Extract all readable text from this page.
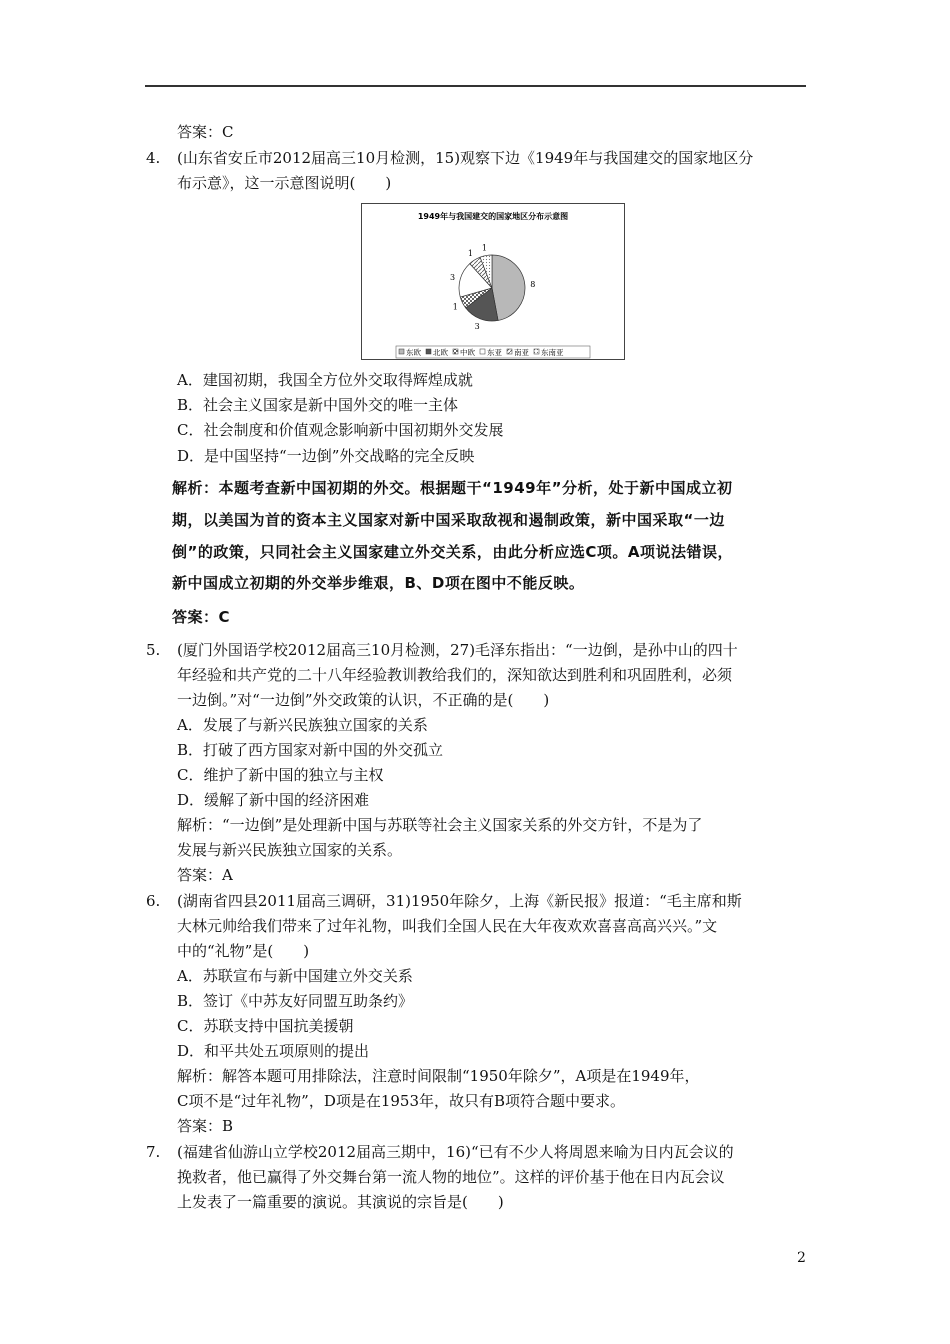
答案：C
4. (山东省安丘市2012届高三10月检测，15)观察下边《1949年与我国建交的国家地区分
布示意》，这一示意图说明(　　)
1949年与我国建交的国家地区分布示意图
8
3
1
3
1
1
东欧 北欧 中欧 东亚 南亚 东南亚
A．建国初期，我国全方位外交取得辉煌成就
B．社会主义国家是新中国外交的唯一主体
C．社会制度和价值观念影响新中国初期外交发展
D．是中国坚持“一边倒”外交战略的完全反映
解析：本题考查新中国初期的外交。根据题干“1949年”分析，处于新中国成立初
期，以美国为首的资本主义国家对新中国采取敌视和遏制政策，新中国采取“一边
倒”的政策，只同社会主义国家建立外交关系，由此分析应选C项。A项说法错误，
新中国成立初期的外交举步维艰，B、D项在图中不能反映。
答案：C
5. (厦门外国语学校2012届高三10月检测，27)毛泽东指出：“一边倒，是孙中山的四十
年经验和共产党的二十八年经验教训教给我们的，深知欲达到胜利和巩固胜利，必须
一边倒。”对“一边倒”外交政策的认识，不正确的是(　　)
A．发展了与新兴民族独立国家的关系
B．打破了西方国家对新中国的外交孤立
C．维护了新中国的独立与主权
D．缓解了新中国的经济困难
解析：“一边倒”是处理新中国与苏联等社会主义国家关系的外交方针，不是为了
发展与新兴民族独立国家的关系。
答案：A
6. (湖南省四县2011届高三调研，31)1950年除夕，上海《新民报》报道：“毛主席和斯
大林元帅给我们带来了过年礼物，叫我们全国人民在大年夜欢欢喜喜高高兴兴。”文
中的“礼物”是(　　)
A．苏联宣布与新中国建立外交关系
B．签订《中苏友好同盟互助条约》
C．苏联支持中国抗美援朝
D．和平共处五项原则的提出
解析：解答本题可用排除法，注意时间限制“1950年除夕”，A项是在1949年，
C项不是“过年礼物”，D项是在1953年，故只有B项符合题中要求。
答案：B
7. (福建省仙游山立学校2012届高三期中，16)“已有不少人将周恩来喻为日内瓦会议的
挽救者，他已赢得了外交舞台第一流人物的地位”。这样的评价基于他在日内瓦会议
上发表了一篇重要的演说。其演说的宗旨是(　　)
2
